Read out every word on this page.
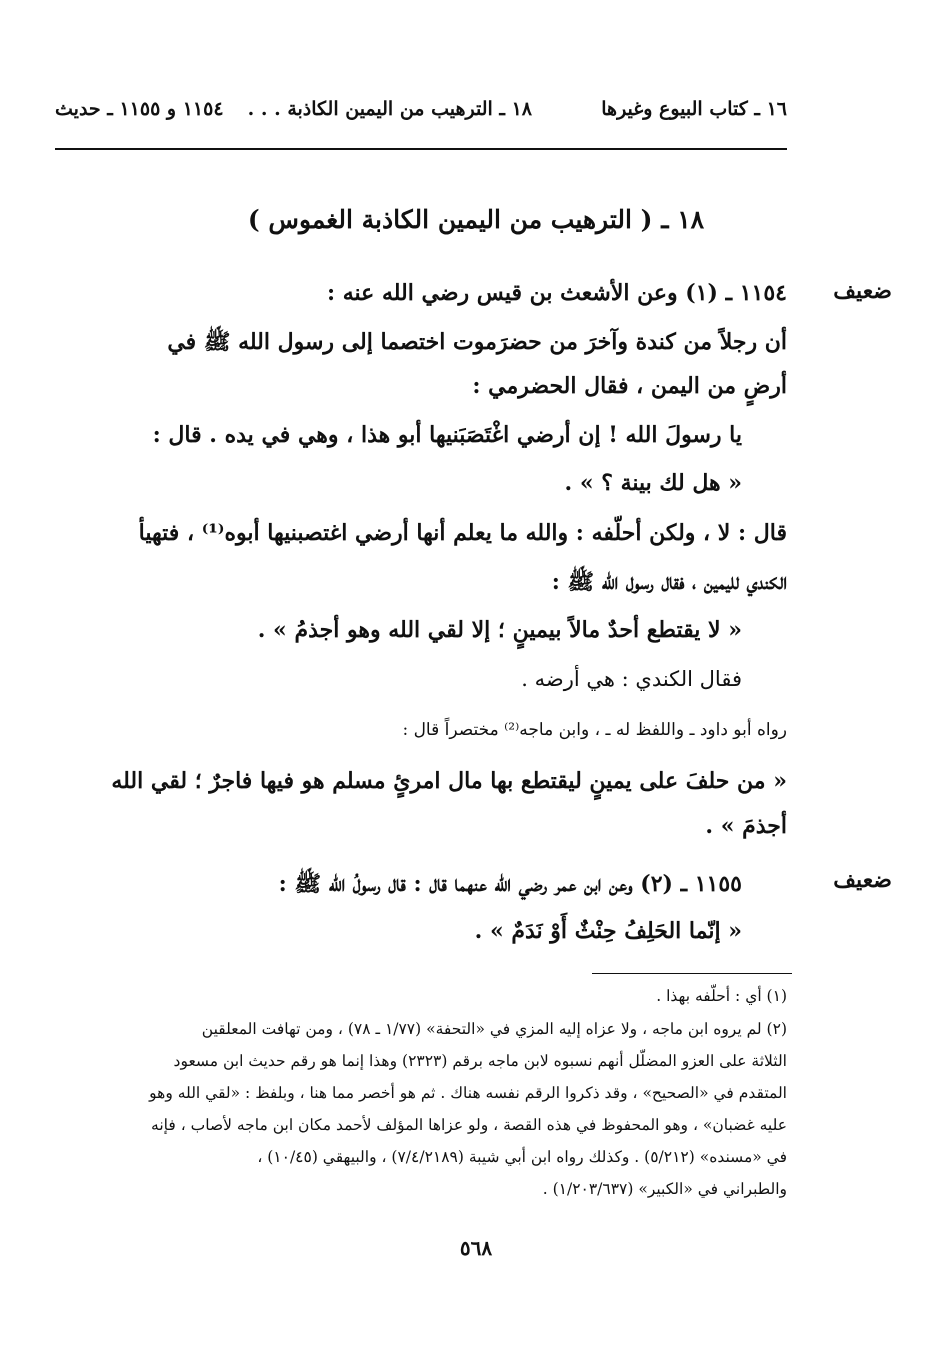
١٦ ـ كتاب البيوع وغيرها
١٨ ـ الترهيب من اليمين الكاذبة . . .
١١٥٤ و ١١٥٥ ـ حديث
١٨ ـ ( الترهيب من اليمين الكاذبة الغموس )
ضعيف
١١٥٤ ـ (١) وعن الأشعث بن قيس رضي الله عنه :
أن رجلاً من كندة وآخرَ من حضرَموت اختصما إلى رسول الله ﷺ في
أرضٍ من اليمن ، فقال الحضرمي :
يا رسولَ الله ! إن أرضي اغْتَصَبَنيها أبو هذا ، وهي في يده . قال :
« هل لك بينة ؟ » .
قال : لا ، ولكن أحلّفه : والله ما يعلم أنها أرضي اغتصبنيها أبوه⁽¹⁾ ، فتهيأ
الكندي لليمين ، فقال رسول الله ﷺ :
« لا يقتطع أحدٌ مالاً بيمينٍ ؛ إلا لقي الله وهو أجذمُ » .
فقال الكندي : هي أرضه .
رواه أبو داود ـ واللفظ له ـ ، وابن ماجه⁽²⁾ مختصراً قال :
« من حلفَ على يمينٍ ليقتطع بها مال امرئٍ مسلم هو فيها فاجرٌ ؛ لقي الله
أجذمَ » .
ضعيف
١١٥٥ ـ (٢) وعن ابن عمر رضي الله عنهما قال : قال رسولُ الله ﷺ :
« إنّما الحَلِفُ حِنْثٌ أَوْ نَدَمٌ » .
(١) أي : أحلّفه بهذا .
(٢) لم يروه ابن ماجه ، ولا عزاه إليه المزي في «التحفة» (١/٧٧ ـ ٧٨) ، ومن تهافت المعلقين
الثلاثة على العزو المضلّل أنهم نسبوه لابن ماجه برقم (٢٣٢٣) وهذا إنما هو رقم حديث ابن مسعود
المتقدم في «الصحيح» ، وقد ذكروا الرقم نفسه هناك . ثم هو أخصر مما هنا ، وبلفظ : «لقي الله وهو
عليه غضبان» ، وهو المحفوظ في هذه القصة ، ولو عزاها المؤلف لأحمد مكان ابن ماجه لأصاب ، فإنه
في «مسنده» (٥/٢١٢) . وكذلك رواه ابن أبي شيبة (٧/٤/٢١٨٩) ، والبيهقي (١٠/٤٥) ،
والطبراني في «الكبير» (١/٢٠٣/٦٣٧) .
٥٦٨
